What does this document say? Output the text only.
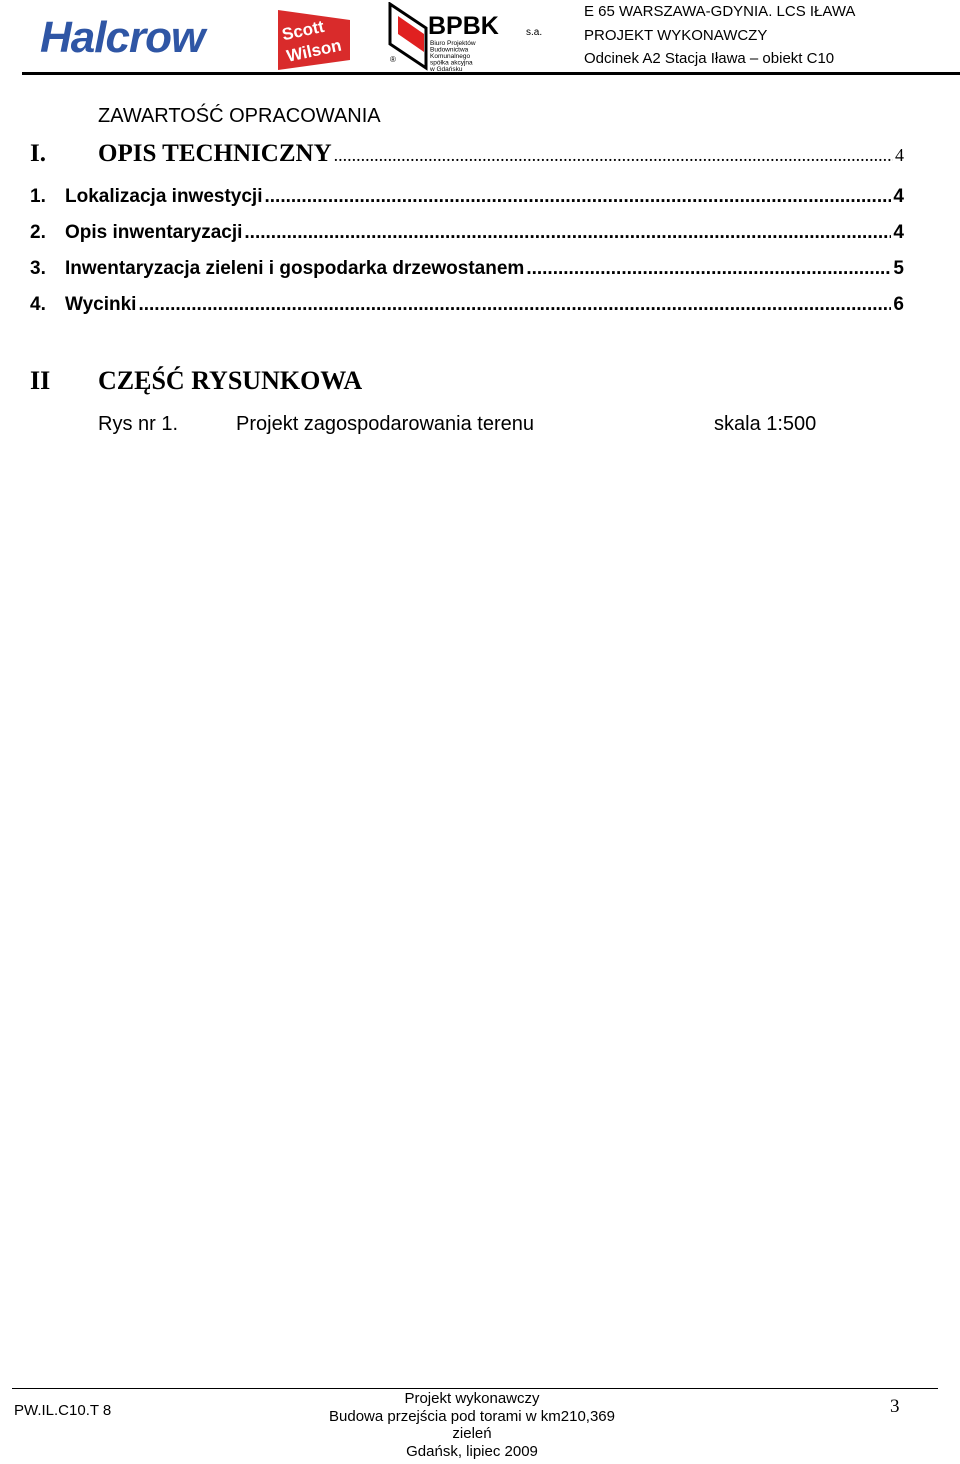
Halcrow	Scott
Wilson	®
BPBK	s.a.
Biuro Projektów
Budownictwa
Komunalnego
spółka akcyjna
w Gdańsku
E 65 WARSZAWA-GDYNIA. LCS IŁAWA
PROJEKT WYKONAWCZY
Odcinek A2 Stacja Iława – obiekt C10
ZAWARTOŚĆ OPRACOWANIA
I.	OPIS TECHNICZNY .....	4
1.	Lokalizacja inwestycji .....	4
2.	Opis inwentaryzacji .....	4
3.	Inwentaryzacja zieleni i gospodarka drzewostanem .....	5
4.	Wycinki .....	6
II CZĘŚĆ RYSUNKOWA
Rys nr 1.	Projekt zagospodarowania terenu	skala 1:500
PW.IL.C10.T 8
Projekt wykonawczy
Budowa przejścia pod torami w km210,369
zieleń
Gdańsk, lipiec 2009
3
